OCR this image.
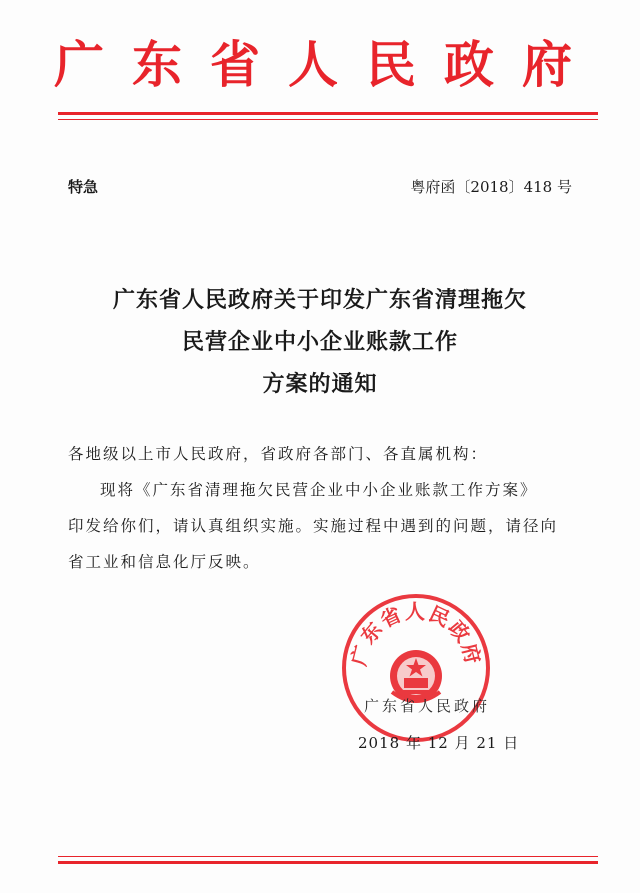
广东省人民政府
特急	粤府函〔2018〕418 号
广东省人民政府关于印发广东省清理拖欠
民营企业中小企业账款工作
方案的通知
各地级以上市人民政府，省政府各部门、各直属机构：
现将《广东省清理拖欠民营企业中小企业账款工作方案》
印发给你们，请认真组织实施。实施过程中遇到的问题，请径向
省工业和信息化厅反映。
广东省人民政府
广东省人民政府
2018 年 12 月 21 日
